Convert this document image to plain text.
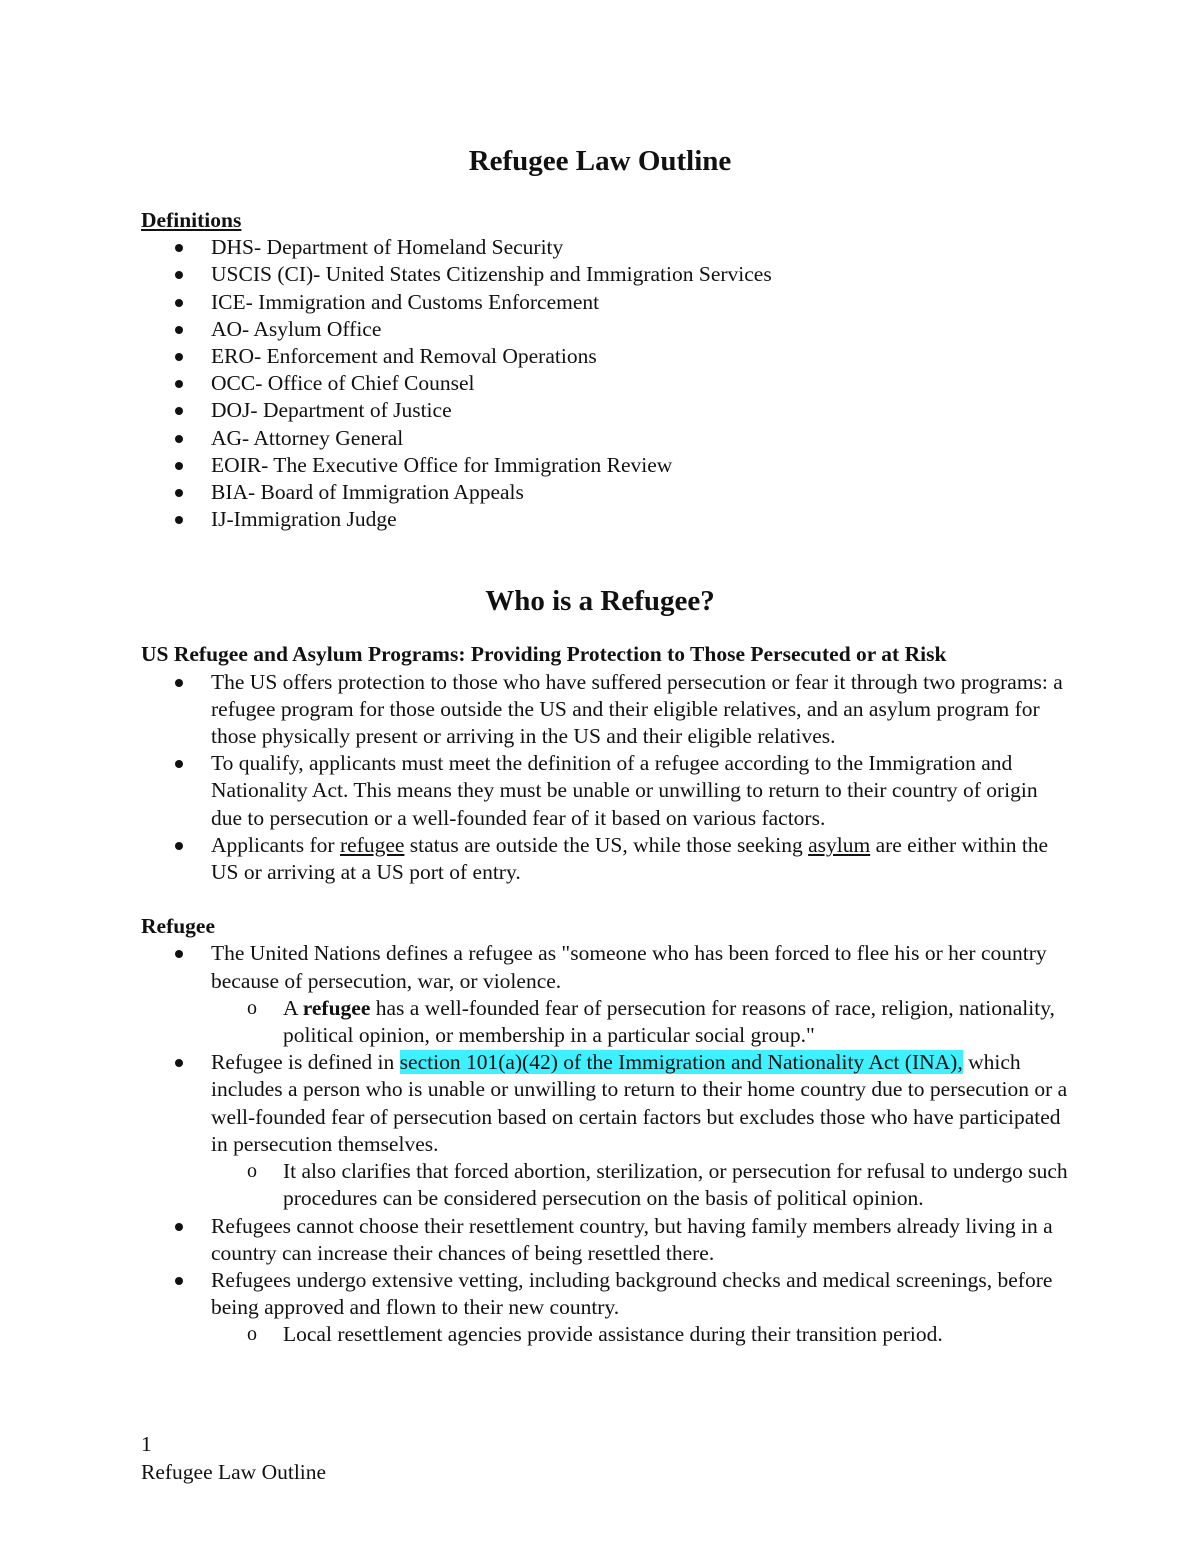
Refugee Law Outline

Definitions

DHS- Department of Homeland Security
USCIS (CI)- United States Citizenship and Immigration Services
ICE- Immigration and Customs Enforcement
AO- Asylum Office
ERO- Enforcement and Removal Operations
OCC- Office of Chief Counsel
DOJ- Department of Justice
AG- Attorney General
EOIR- The Executive Office for Immigration Review
BIA- Board of Immigration Appeals
IJ-Immigration Judge
Who is a Refugee?

US Refugee and Asylum Programs: Providing Protection to Those Persecuted or at Risk

The US offers protection to those who have suffered persecution or fear it through two programs: a refugee program for those outside the US and their eligible relatives, and an asylum program for those physically present or arriving in the US and their eligible relatives.
To qualify, applicants must meet the definition of a refugee according to the Immigration and Nationality Act. This means they must be unable or unwilling to return to their country of origin due to persecution or a well-founded fear of it based on various factors.
Applicants for refugee status are outside the US, while those seeking asylum are either within the US or arriving at a US port of entry.

Refugee

The United Nations defines a refugee as "someone who has been forced to flee his or her country because of persecution, war, or violence.
o A refugee has a well-founded fear of persecution for reasons of race, religion, nationality, political opinion, or membership in a particular social group."
Refugee is defined in section 101(a)(42) of the Immigration and Nationality Act (INA), which includes a person who is unable or unwilling to return to their home country due to persecution or a well-founded fear of persecution based on certain factors but excludes those who have participated in persecution themselves.
o It also clarifies that forced abortion, sterilization, or persecution for refusal to undergo such procedures can be considered persecution on the basis of political opinion.
Refugees cannot choose their resettlement country, but having family members already living in a country can increase their chances of being resettled there.
Refugees undergo extensive vetting, including background checks and medical screenings, before being approved and flown to their new country.
o Local resettlement agencies provide assistance during their transition period.
1
Refugee Law Outline
